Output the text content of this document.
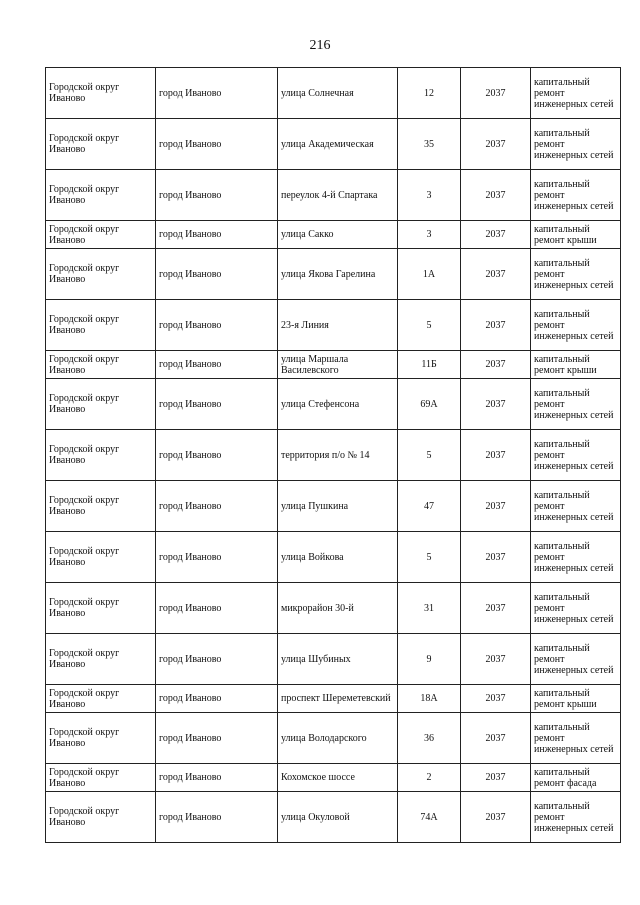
216
Городской округ Иваново	город Иваново	улица Солнечная	12	2037	капитальный ремонт инженерных сетей
Городской округ Иваново	город Иваново	улица Академическая	35	2037	капитальный ремонт инженерных сетей
Городской округ Иваново	город Иваново	переулок 4-й Спартака	3	2037	капитальный ремонт инженерных сетей
Городской округ Иваново	город Иваново	улица Сакко	3	2037	капитальный ремонт крыши
Городской округ Иваново	город Иваново	улица Якова Гарелина	1А	2037	капитальный ремонт инженерных сетей
Городской округ Иваново	город Иваново	23-я Линия	5	2037	капитальный ремонт инженерных сетей
Городской округ Иваново	город Иваново	улица Маршала Василевского	11Б	2037	капитальный ремонт крыши
Городской округ Иваново	город Иваново	улица Стефенсона	69А	2037	капитальный ремонт инженерных сетей
Городской округ Иваново	город Иваново	территория п/о № 14	5	2037	капитальный ремонт инженерных сетей
Городской округ Иваново	город Иваново	улица Пушкина	47	2037	капитальный ремонт инженерных сетей
Городской округ Иваново	город Иваново	улица Войкова	5	2037	капитальный ремонт инженерных сетей
Городской округ Иваново	город Иваново	микрорайон 30-й	31	2037	капитальный ремонт инженерных сетей
Городской округ Иваново	город Иваново	улица Шубиных	9	2037	капитальный ремонт инженерных сетей
Городской округ Иваново	город Иваново	проспект Шереметевский	18А	2037	капитальный ремонт крыши
Городской округ Иваново	город Иваново	улица Володарского	36	2037	капитальный ремонт инженерных сетей
Городской округ Иваново	город Иваново	Кохомское шоссе	2	2037	капитальный ремонт фасада
Городской округ Иваново	город Иваново	улица Окуловой	74А	2037	капитальный ремонт инженерных сетей
